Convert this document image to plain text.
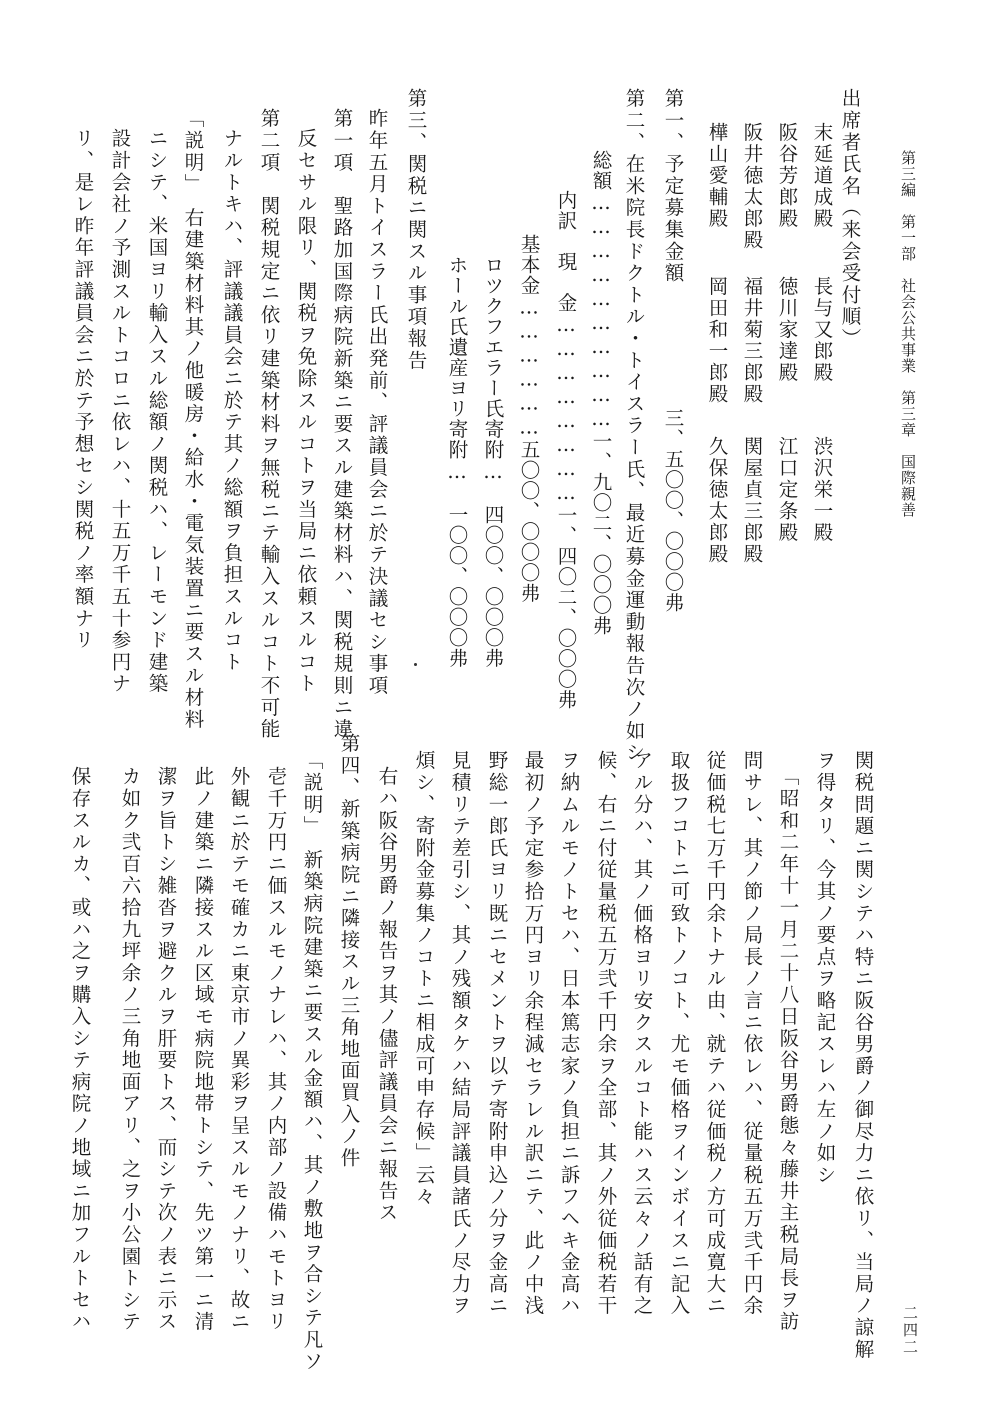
第三編　第一部　社会公共事業　第三章　国際親善
二四二
出席者氏名（来会受付順）
末延道成殿
長与又郎殿
渋沢栄一殿
阪谷芳郎殿
徳川家達殿
江口定条殿
阪井徳太郎殿
福井菊三郎殿
関屋貞三郎殿
樺山愛輔殿
岡田和一郎殿
久保徳太郎殿
第一、予定募集金額
三、五〇〇、〇〇〇弗
第二、在米院長ドクトル・トイスラー氏、最近募金運動報告次ノ如シ
総額…………………………一、九〇二、〇〇〇弗
内訳　現　金……………………一、四〇二、〇〇〇弗
基本金………………五〇〇、〇〇〇弗
ロツクフエラー氏寄附…　四〇〇、〇〇〇弗
ホール氏遺産ヨリ寄附…　一〇〇、〇〇〇弗
第三、関税ニ関スル事項報告
昨年五月トイスラー氏出発前、評議員会ニ於テ決議セシ事項
第一項　聖路加国際病院新築ニ要スル建築材料ハ、関税規則ニ違
反セサル限リ、関税ヲ免除スルコトヲ当局ニ依頼スルコト
第二項　関税規定ニ依リ建築材料ヲ無税ニテ輸入スルコト不可能
ナルトキハ、評議議員会ニ於テ其ノ総額ヲ負担スルコト
「説明」　右建築材料其ノ他暖房・給水・電気装置ニ要スル材料
ニシテ、米国ヨリ輸入スル総額ノ関税ハ、レーモンド建築
設計会社ノ予測スルトコロニ依レハ、十五万千五十参円ナ
リ、是レ昨年評議員会ニ於テ予想セシ関税ノ率額ナリ
関税問題ニ関シテハ特ニ阪谷男爵ノ御尽力ニ依リ、当局ノ諒解
ヲ得タリ、今其ノ要点ヲ略記スレハ左ノ如シ
「昭和二年十一月二十八日阪谷男爵態々藤井主税局長ヲ訪
問サレ、其ノ節ノ局長ノ言ニ依レハ、従量税五万弐千円余
従価税七万千円余トナル由、就テハ従価税ノ方可成寛大ニ
取扱フコトニ可致トノコト、尤モ価格ヲインボイスニ記入
アル分ハ、其ノ価格ヨリ安クスルコト能ハス云々ノ話有之
候、右ニ付従量税五万弐千円余ヲ全部、其ノ外従価税若干
ヲ納ムルモノトセハ、日本篤志家ノ負担ニ訴フヘキ金高ハ
最初ノ予定参拾万円ヨリ余程減セラレル訳ニテ、此ノ中浅
野総一郎氏ヨリ既ニセメントヲ以テ寄附申込ノ分ヲ金高ニ
見積リテ差引シ、其ノ残額タケハ結局評議員諸氏ノ尽力ヲ
煩シ、寄附金募集ノコトニ相成可申存候」云々
右ハ阪谷男爵ノ報告ヲ其ノ儘評議員会ニ報告ス
第四、新築病院ニ隣接スル三角地面買入ノ件
「説明」　新築病院建築ニ要スル金額ハ、其ノ敷地ヲ合シテ凡ソ
壱千万円ニ価スルモノナレハ、其ノ内部ノ設備ハモトヨリ
外観ニ於テモ確カニ東京市ノ異彩ヲ呈スルモノナリ、故ニ
此ノ建築ニ隣接スル区域モ病院地帯トシテ、先ツ第一ニ清
潔ヲ旨トシ雑沓ヲ避クルヲ肝要トス、而シテ次ノ表ニ示ス
カ如ク弐百六拾九坪余ノ三角地面アリ、之ヲ小公園トシテ
保存スルカ、或ハ之ヲ購入シテ病院ノ地域ニ加フルトセハ
